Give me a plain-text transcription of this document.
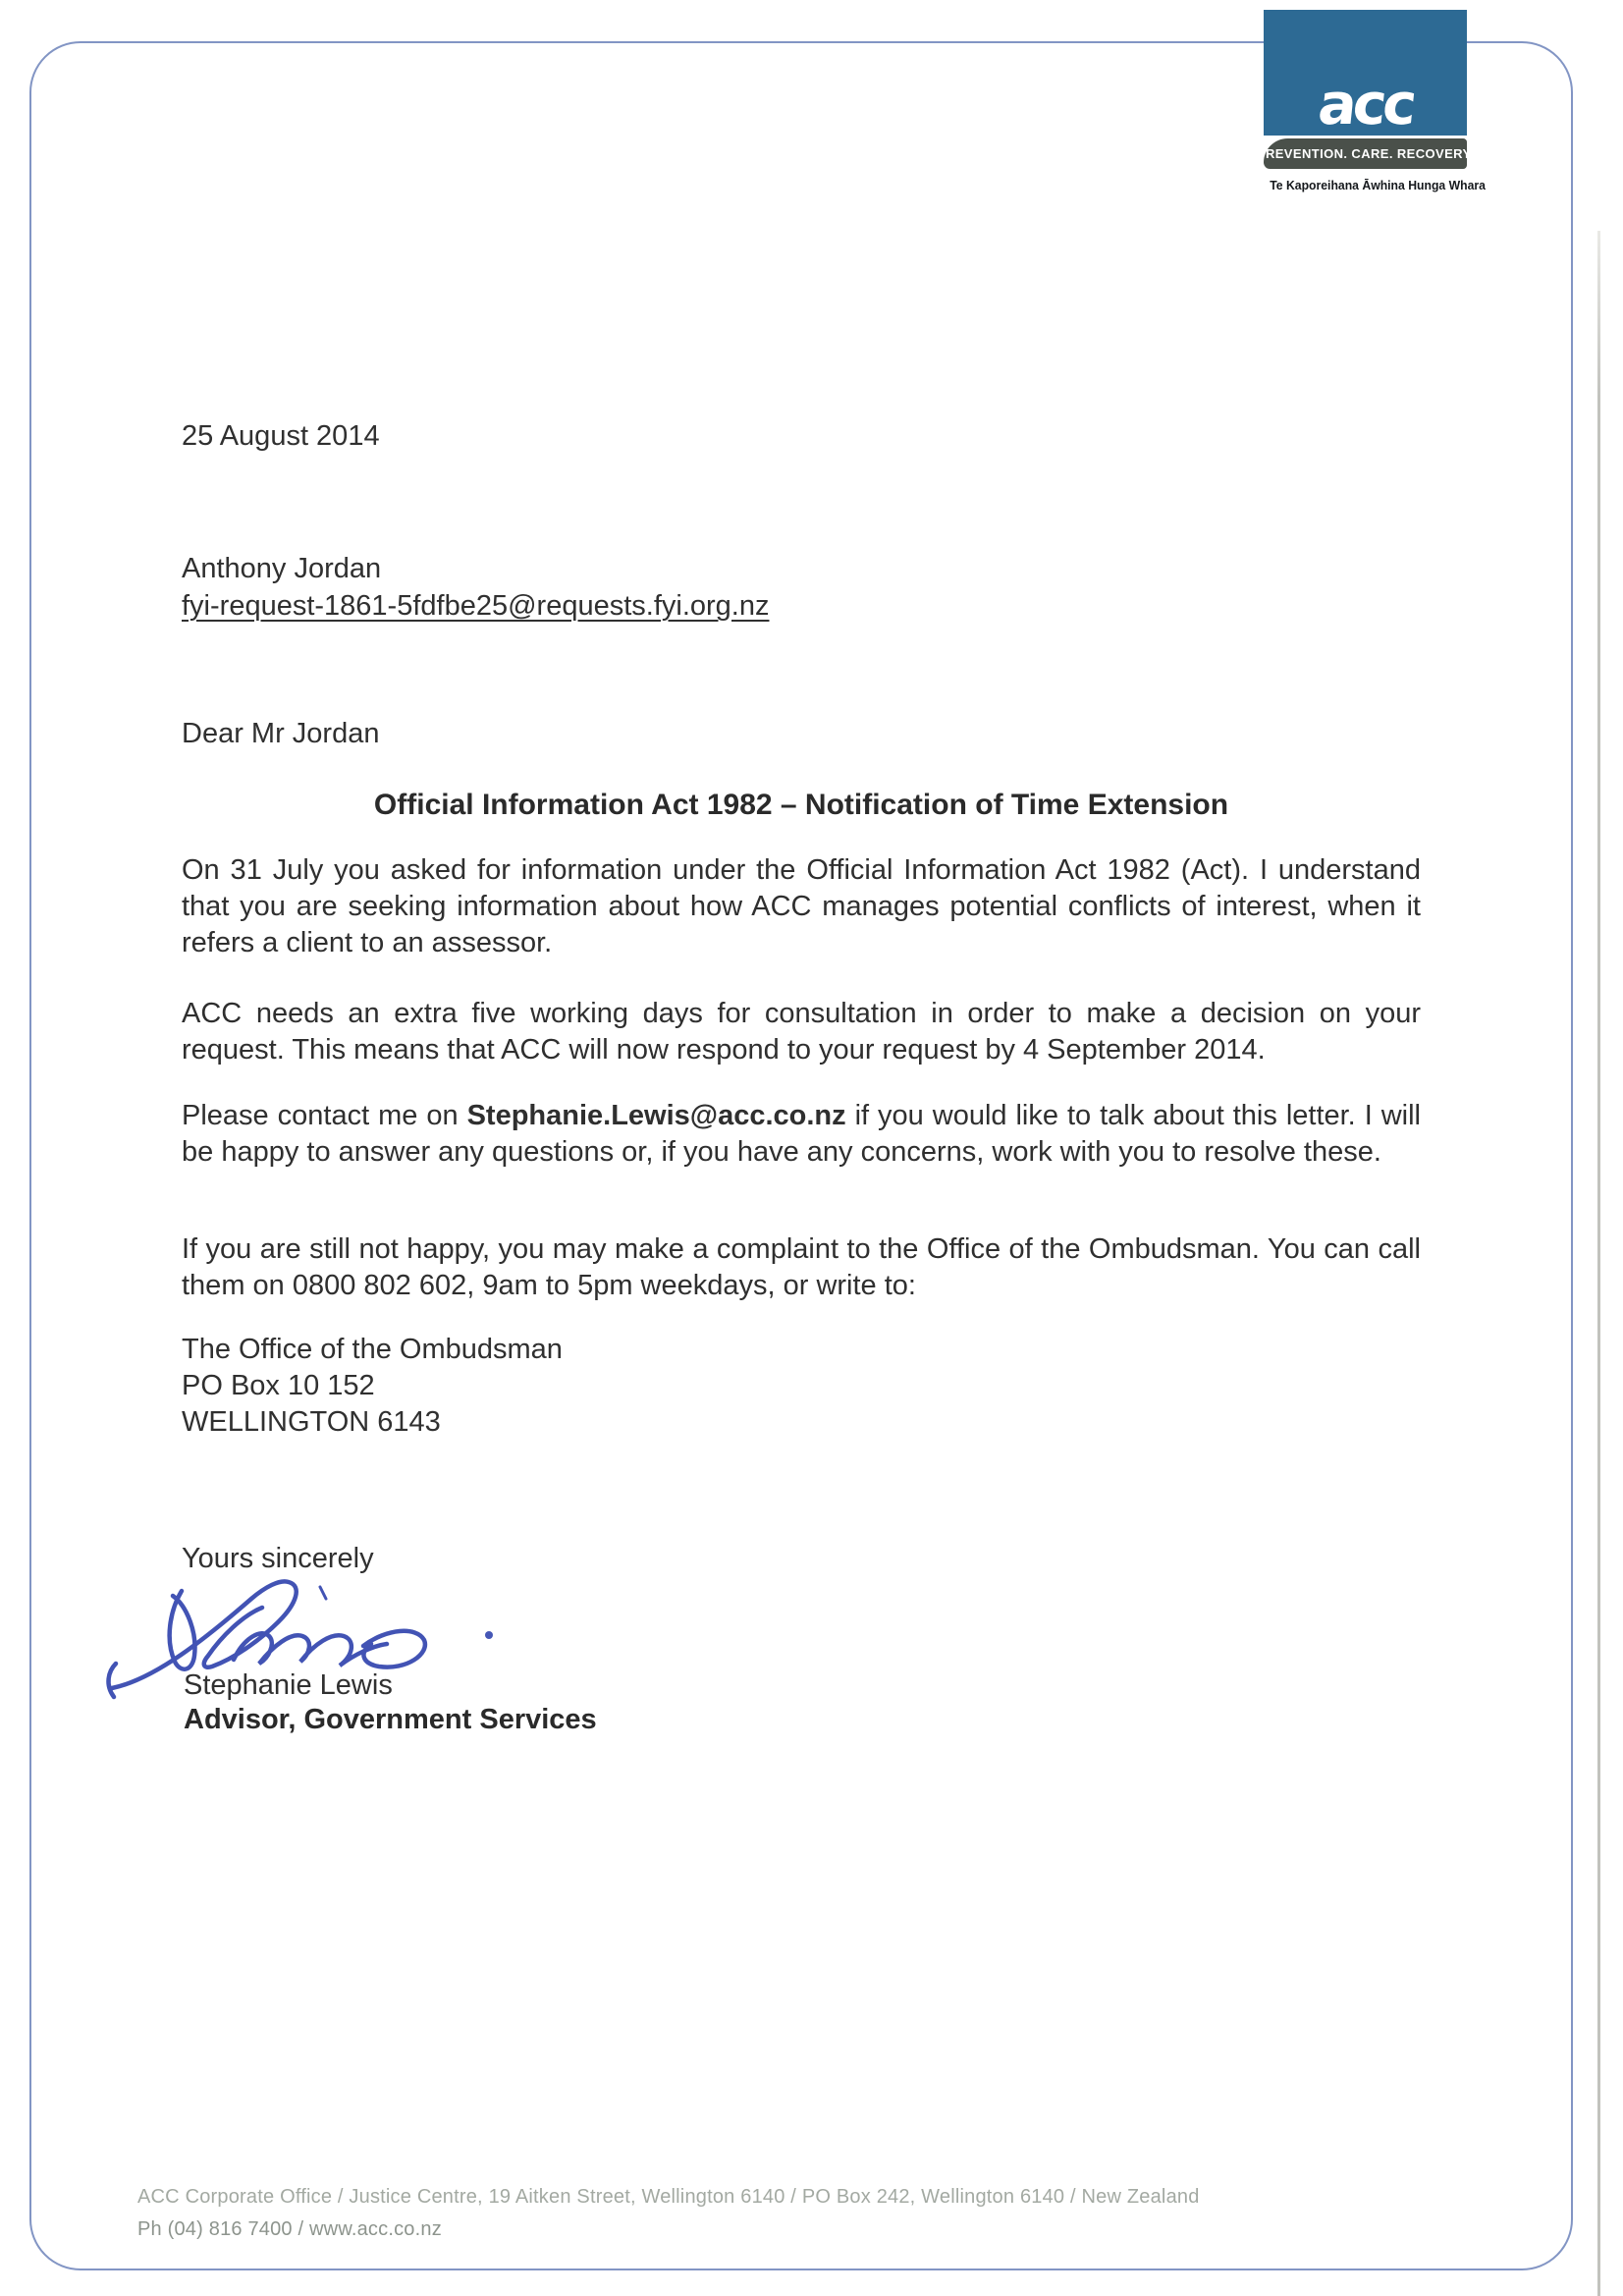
acc
PREVENTION. CARE. RECOVERY.
Te Kaporeihana Āwhina Hunga Whara
25 August 2014
Anthony Jordan
fyi-request-1861-5fdfbe25@requests.fyi.org.nz
Dear Mr Jordan
Official Information Act 1982 – Notification of Time Extension
On 31 July you asked for information under the Official Information Act 1982 (Act). I understand that you are seeking information about how ACC manages potential conflicts of interest, when it refers a client to an assessor.
ACC needs an extra five working days for consultation in order to make a decision on your request. This means that ACC will now respond to your request by 4 September 2014.
Please contact me on Stephanie.Lewis@acc.co.nz if you would like to talk about this letter. I will be happy to answer any questions or, if you have any concerns, work with you to resolve these.
If you are still not happy, you may make a complaint to the Office of the Ombudsman. You can call them on 0800 802 602, 9am to 5pm weekdays, or write to:
The Office of the Ombudsman
PO Box 10 152
WELLINGTON 6143
Yours sincerely
Stephanie Lewis
Advisor, Government Services
ACC Corporate Office / Justice Centre, 19 Aitken Street, Wellington 6140 / PO Box 242, Wellington 6140 / New Zealand
Ph (04) 816 7400 / www.acc.co.nz
